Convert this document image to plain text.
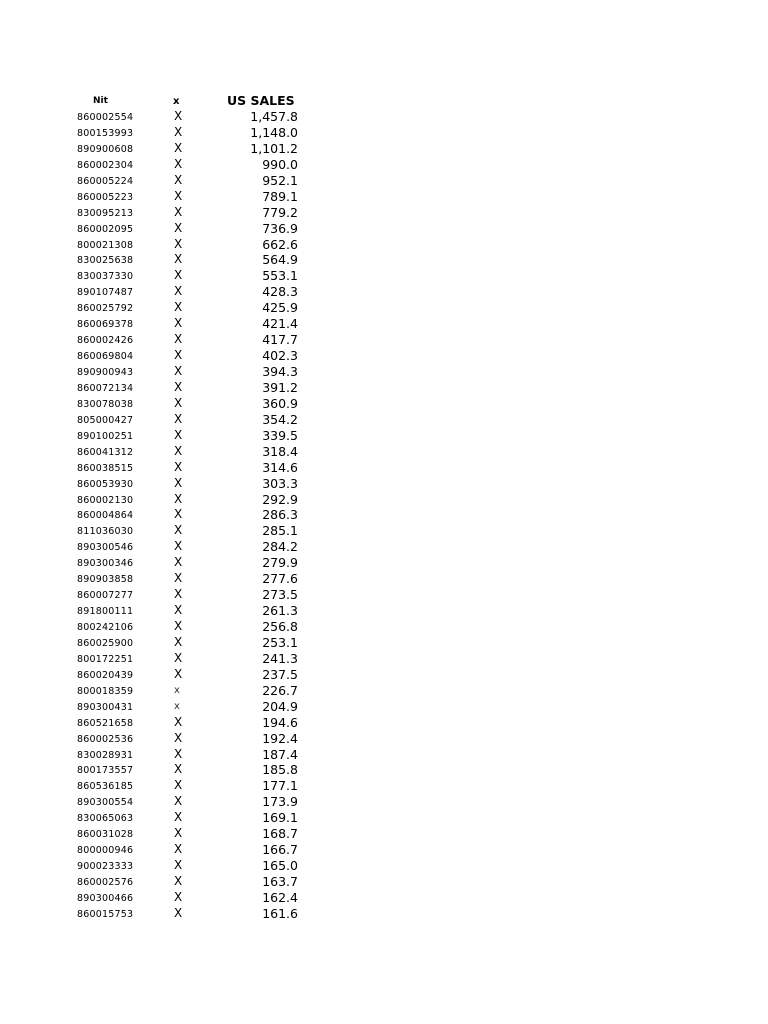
Nit	x	US SALES
860002554	X	1,457.8
800153993	X	1,148.0
890900608	X	1,101.2
860002304	X	990.0
860005224	X	952.1
860005223	X	789.1
830095213	X	779.2
860002095	X	736.9
800021308	X	662.6
830025638	X	564.9
830037330	X	553.1
890107487	X	428.3
860025792	X	425.9
860069378	X	421.4
860002426	X	417.7
860069804	X	402.3
890900943	X	394.3
860072134	X	391.2
830078038	X	360.9
805000427	X	354.2
890100251	X	339.5
860041312	X	318.4
860038515	X	314.6
860053930	X	303.3
860002130	X	292.9
860004864	X	286.3
811036030	X	285.1
890300546	X	284.2
890300346	X	279.9
890903858	X	277.6
860007277	X	273.5
891800111	X	261.3
800242106	X	256.8
860025900	X	253.1
800172251	X	241.3
860020439	X	237.5
800018359	x	226.7
890300431	x	204.9
860521658	X	194.6
860002536	X	192.4
830028931	X	187.4
800173557	X	185.8
860536185	X	177.1
890300554	X	173.9
830065063	X	169.1
860031028	X	168.7
800000946	X	166.7
900023333	X	165.0
860002576	X	163.7
890300466	X	162.4
860015753	X	161.6
